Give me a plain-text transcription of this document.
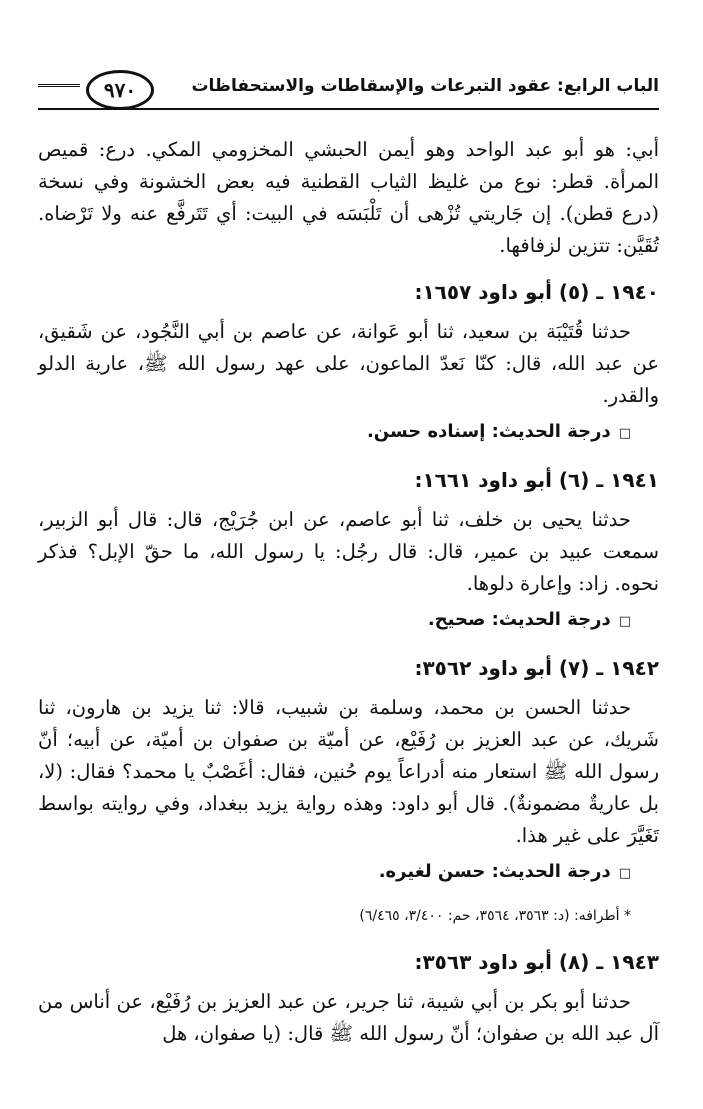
الباب الرابع: عقود التبرعات والإسقاطات والاستحفاظات
٩٧٠

أبي: هو أبو عبد الواحد وهو أيمن الحبشي المخزومي المكي. درع: قميص المرأة. قطر: نوع من غليظ الثياب القطنية فيه بعض الخشونة وفي نسخة (درع قطن). إن جَاريتي تُزْهى أن تَلْبَسَه في البيت: أي تَتَرفَّع عنه ولا تَرْضاه. تُقَيَّن: تتزين لزفافها.

١٩٤٠ ـ (٥) أبو داود ١٦٥٧:

حدثنا قُتَيْبَة بن سعيد، ثنا أبو عَوانة، عن عاصم بن أبي النَّجُود، عن شَقيق، عن عبد الله، قال: كنّا نَعدّ الماعون، على عهد رسول الله ﷺ، عارية الدلو والقدر.

□درجة الحديث: إسناده حسن.
١٩٤١ ـ (٦) أبو داود ١٦٦١:

حدثنا يحيى بن خلف، ثنا أبو عاصم، عن ابن جُرَيْج، قال: قال أبو الزبير، سمعت عبيد بن عمير، قال: قال رجُل: يا رسول الله، ما حقّ الإبل؟ فذكر نحوه. زاد: وإعارة دلوها.

□درجة الحديث: صحيح.
١٩٤٢ ـ (٧) أبو داود ٣٥٦٢:

حدثنا الحسن بن محمد، وسلمة بن شبيب، قالا: ثنا يزيد بن هارون، ثنا شَريك، عن عبد العزيز بن رُفَيْع، عن أميّة بن صفوان بن أميّة، عن أبيه؛ أنّ رسول الله ﷺ استعار منه أدراعاً يوم حُنين، فقال: أغَصْبٌ يا محمد؟ فقال: (لا، بل عاريةٌ مضمونةٌ). قال أبو داود: وهذه رواية يزيد ببغداد، وفي روايته بواسط تَغَيَّرَ على غير هذا.

□درجة الحديث: حسن لغيره.
* أطرافه: (د: ٣٥٦٣، ٣٥٦٤، حم: ٣/٤٠٠، ٦/٤٦٥)
١٩٤٣ ـ (٨) أبو داود ٣٥٦٣:

حدثنا أبو بكر بن أبي شيبة، ثنا جرير، عن عبد العزيز بن رُفَيْع، عن أناس من آل عبد الله بن صفوان؛ أنّ رسول الله ﷺ قال: (يا صفوان، هل
